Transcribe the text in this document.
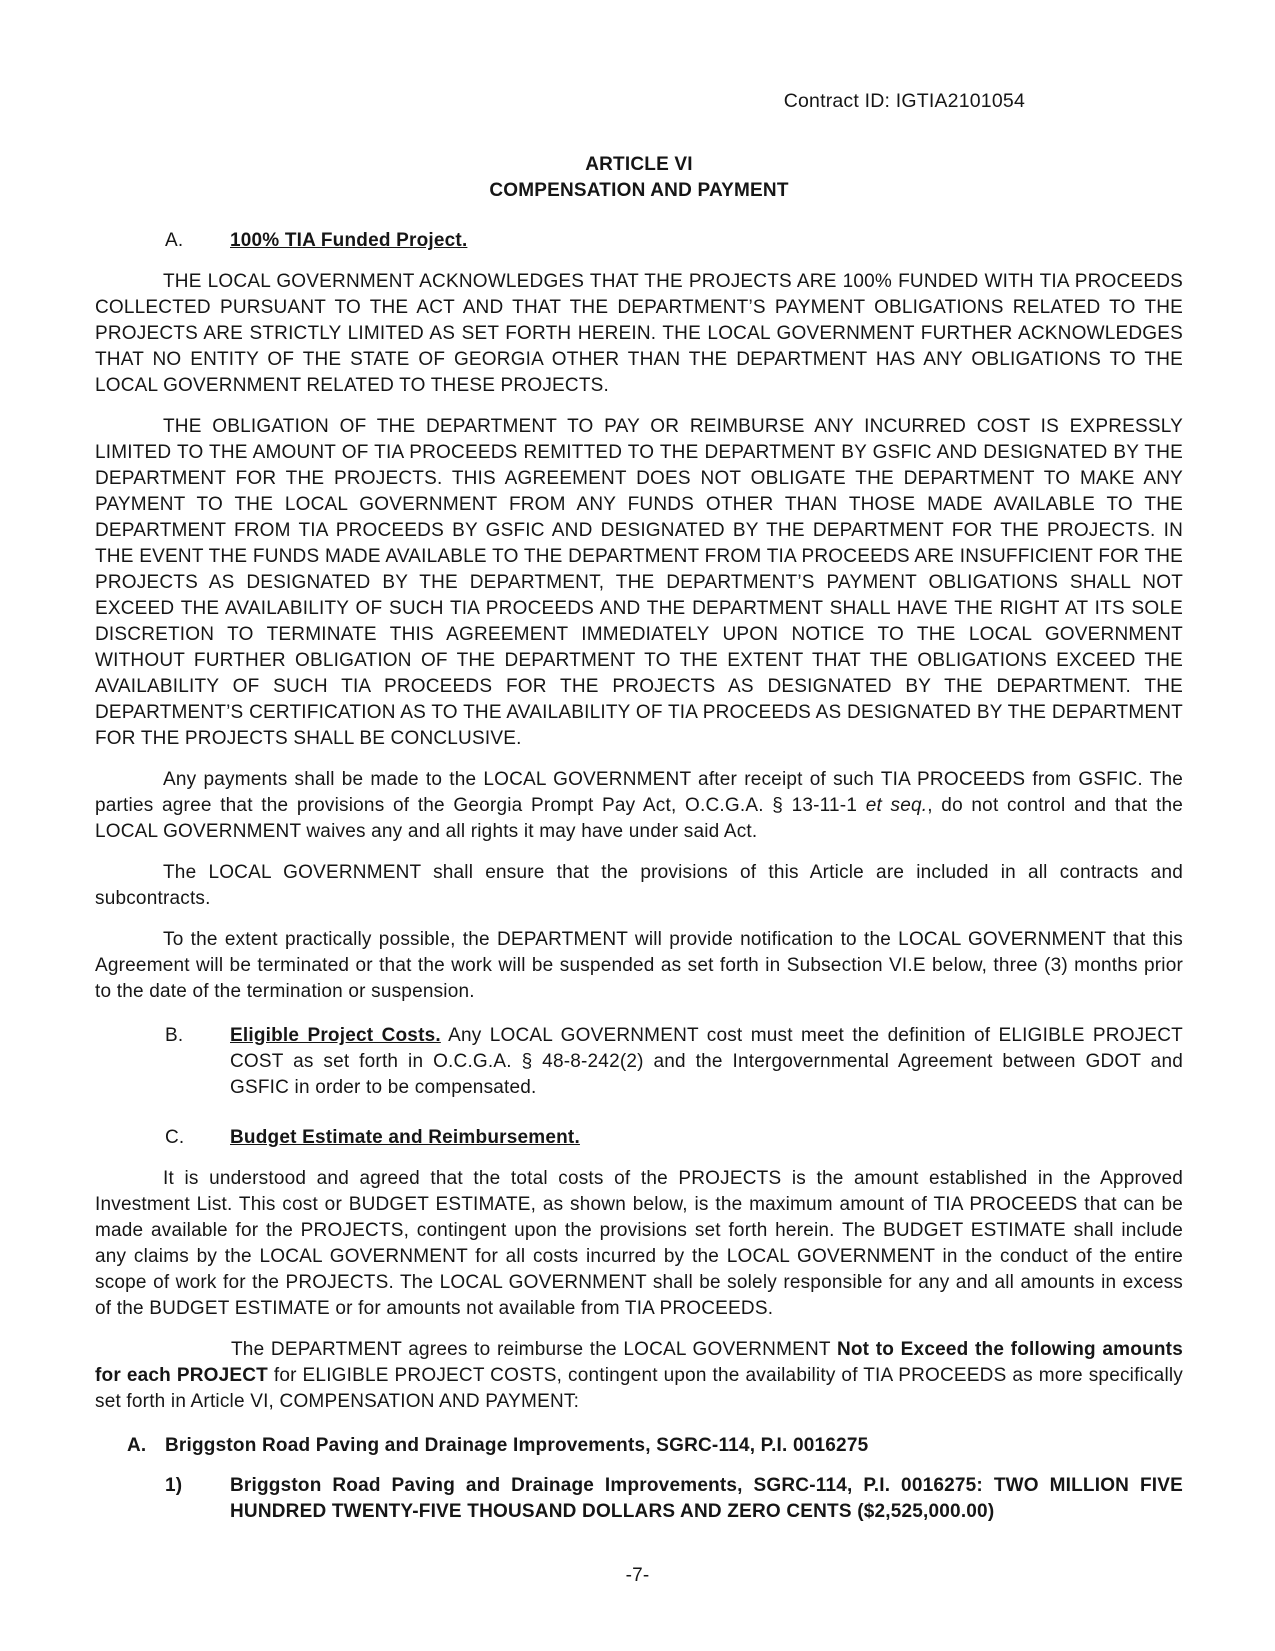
Contract ID: IGTIA2101054
ARTICLE VI
COMPENSATION AND PAYMENT
A.	100% TIA Funded Project.

THE LOCAL GOVERNMENT ACKNOWLEDGES THAT THE PROJECTS ARE 100% FUNDED WITH TIA PROCEEDS COLLECTED PURSUANT TO THE ACT AND THAT THE DEPARTMENT’S PAYMENT OBLIGATIONS RELATED TO THE PROJECTS ARE STRICTLY LIMITED AS SET FORTH HEREIN. THE LOCAL GOVERNMENT FURTHER ACKNOWLEDGES THAT NO ENTITY OF THE STATE OF GEORGIA OTHER THAN THE DEPARTMENT HAS ANY OBLIGATIONS TO THE LOCAL GOVERNMENT RELATED TO THESE PROJECTS.

THE OBLIGATION OF THE DEPARTMENT TO PAY OR REIMBURSE ANY INCURRED COST IS EXPRESSLY LIMITED TO THE AMOUNT OF TIA PROCEEDS REMITTED TO THE DEPARTMENT BY GSFIC AND DESIGNATED BY THE DEPARTMENT FOR THE PROJECTS. THIS AGREEMENT DOES NOT OBLIGATE THE DEPARTMENT TO MAKE ANY PAYMENT TO THE LOCAL GOVERNMENT FROM ANY FUNDS OTHER THAN THOSE MADE AVAILABLE TO THE DEPARTMENT FROM TIA PROCEEDS BY GSFIC AND DESIGNATED BY THE DEPARTMENT FOR THE PROJECTS. IN THE EVENT THE FUNDS MADE AVAILABLE TO THE DEPARTMENT FROM TIA PROCEEDS ARE INSUFFICIENT FOR THE PROJECTS AS DESIGNATED BY THE DEPARTMENT, THE DEPARTMENT’S PAYMENT OBLIGATIONS SHALL NOT EXCEED THE AVAILABILITY OF SUCH TIA PROCEEDS AND THE DEPARTMENT SHALL HAVE THE RIGHT AT ITS SOLE DISCRETION TO TERMINATE THIS AGREEMENT IMMEDIATELY UPON NOTICE TO THE LOCAL GOVERNMENT WITHOUT FURTHER OBLIGATION OF THE DEPARTMENT TO THE EXTENT THAT THE OBLIGATIONS EXCEED THE AVAILABILITY OF SUCH TIA PROCEEDS FOR THE PROJECTS AS DESIGNATED BY THE DEPARTMENT. THE DEPARTMENT’S CERTIFICATION AS TO THE AVAILABILITY OF TIA PROCEEDS AS DESIGNATED BY THE DEPARTMENT FOR THE PROJECTS SHALL BE CONCLUSIVE.

Any payments shall be made to the LOCAL GOVERNMENT after receipt of such TIA PROCEEDS from GSFIC. The parties agree that the provisions of the Georgia Prompt Pay Act, O.C.G.A. § 13-11-1 et seq., do not control and that the LOCAL GOVERNMENT waives any and all rights it may have under said Act.

The LOCAL GOVERNMENT shall ensure that the provisions of this Article are included in all contracts and subcontracts.

To the extent practically possible, the DEPARTMENT will provide notification to the LOCAL GOVERNMENT that this Agreement will be terminated or that the work will be suspended as set forth in Subsection VI.E below, three (3) months prior to the date of the termination or suspension.

B.	Eligible Project Costs. Any LOCAL GOVERNMENT cost must meet the definition of ELIGIBLE PROJECT COST as set forth in O.C.G.A. § 48-8-242(2) and the Intergovernmental Agreement between GDOT and GSFIC in order to be compensated.
C.	Budget Estimate and Reimbursement.

It is understood and agreed that the total costs of the PROJECTS is the amount established in the Approved Investment List. This cost or BUDGET ESTIMATE, as shown below, is the maximum amount of TIA PROCEEDS that can be made available for the PROJECTS, contingent upon the provisions set forth herein. The BUDGET ESTIMATE shall include any claims by the LOCAL GOVERNMENT for all costs incurred by the LOCAL GOVERNMENT in the conduct of the entire scope of work for the PROJECTS. The LOCAL GOVERNMENT shall be solely responsible for any and all amounts in excess of the BUDGET ESTIMATE or for amounts not available from TIA PROCEEDS.

The DEPARTMENT agrees to reimburse the LOCAL GOVERNMENT Not to Exceed the following amounts for each PROJECT for ELIGIBLE PROJECT COSTS, contingent upon the availability of TIA PROCEEDS as more specifically set forth in Article VI, COMPENSATION AND PAYMENT:

A. Briggston Road Paving and Drainage Improvements, SGRC-114, P.I. 0016275
1)	Briggston Road Paving and Drainage Improvements, SGRC-114, P.I. 0016275: TWO MILLION FIVE HUNDRED TWENTY-FIVE THOUSAND DOLLARS AND ZERO CENTS ($2,525,000.00)
-7-
